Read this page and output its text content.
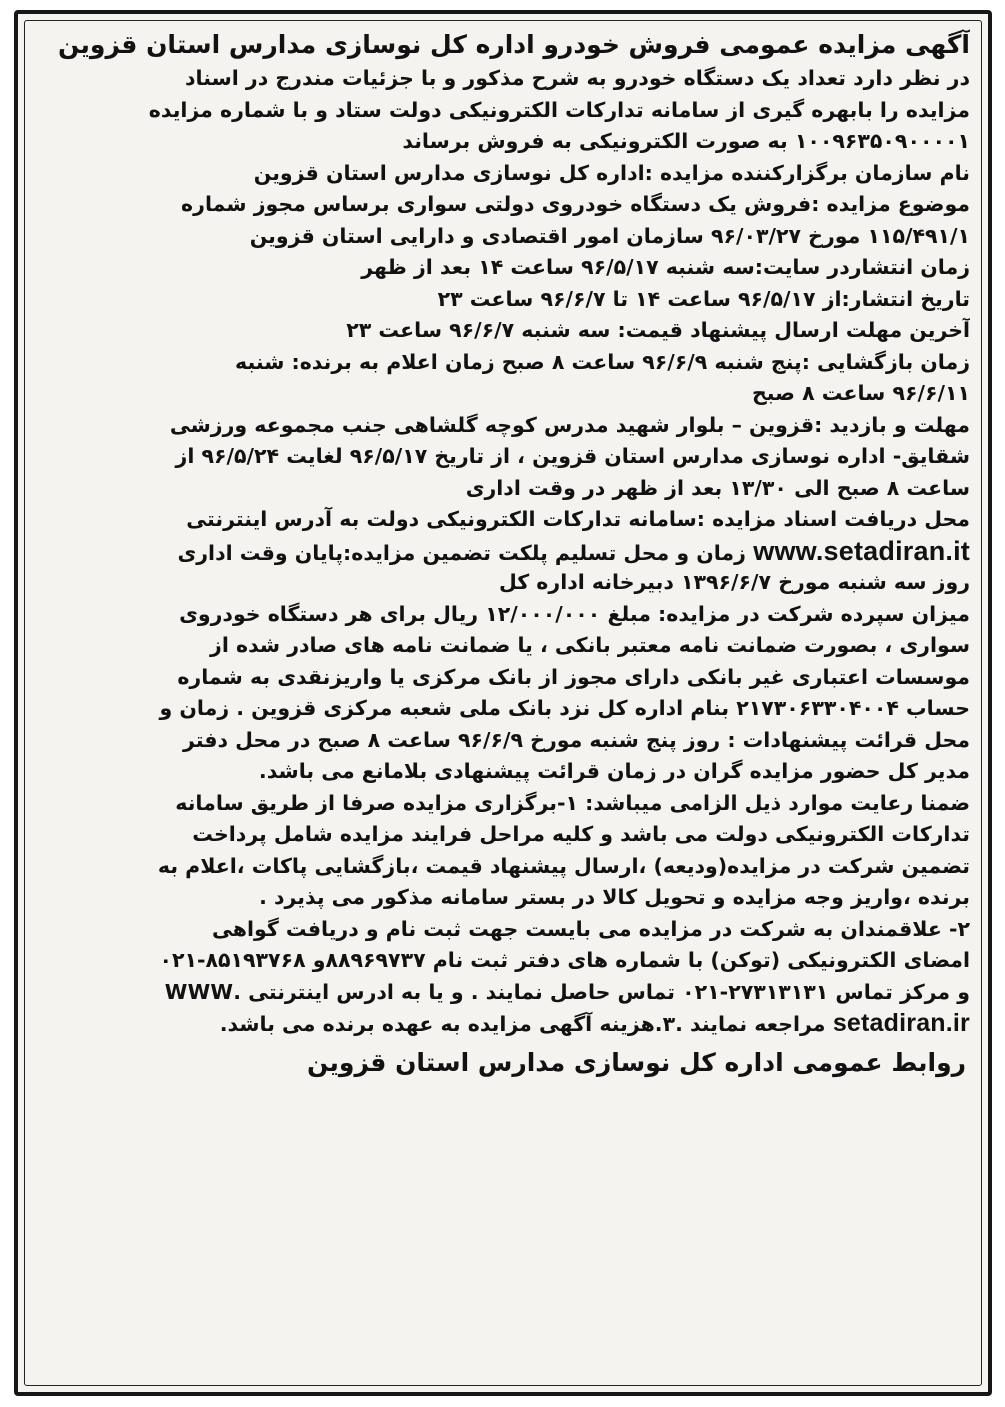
آگهی مزایده عمومی فروش خودرو اداره کل نوسازی مدارس استان قزوین
در نظر دارد تعداد یک دستگاه خودرو به شرح مذکور و با جزئیات مندرج در اسناد
مزایده را بابهره گیری از سامانه تدارکات الکترونیکی دولت ستاد و با شماره مزایده
۱۰۰۹۶۳۵۰۹۰۰۰۰۱ به صورت الکترونیکی به فروش برساند
نام سازمان برگزارکننده مزایده :اداره کل نوسازی مدارس استان قزوین
موضوع مزایده :فروش یک دستگاه خودروی دولتی سواری برساس مجوز شماره
۱۱۵/۴۹۱/۱ مورخ ۹۶/۰۳/۲۷ سازمان امور اقتصادی و دارایی استان قزوین
زمان انتشاردر سایت:سه شنبه ۹۶/۵/۱۷ ساعت ۱۴ بعد از ظهر
تاریخ انتشار:از ۹۶/۵/۱۷ ساعت ۱۴ تا ۹۶/۶/۷ ساعت ۲۳
آخرین مهلت ارسال پیشنهاد قیمت: سه شنبه ۹۶/۶/۷ ساعت ۲۳
زمان بازگشایی :پنج شنبه ۹۶/۶/۹ ساعت ۸ صبح زمان اعلام به برنده: شنبه
۹۶/۶/۱۱ ساعت ۸ صبح
مهلت و بازدید :قزوین – بلوار شهید مدرس کوچه گلشاهی جنب مجموعه ورزشی
شقایق- اداره نوسازی مدارس استان قزوین ، از تاریخ ۹۶/۵/۱۷ لغایت ۹۶/۵/۲۴ از
ساعت ۸ صبح الی ۱۳/۳۰ بعد از ظهر در وقت اداری
محل دریافت اسناد مزایده :سامانه تدارکات الکترونیکی دولت به آدرس اینترنتی
www.setadiran.it زمان و محل تسلیم پلکت تضمین مزایده:پایان وقت اداری
روز سه شنبه مورخ ۱۳۹۶/۶/۷ دبیرخانه اداره کل
میزان سپرده شرکت در مزایده: مبلغ ۱۲/۰۰۰/۰۰۰ ریال برای هر دستگاه خودروی
سواری ، بصورت ضمانت نامه معتبر بانکی ، یا ضمانت نامه های صادر شده از
موسسات اعتباری غیر بانکی دارای مجوز از بانک مرکزی یا واریزنقدی به شماره
حساب ۲۱۷۳۰۶۳۳۰۴۰۰۴ بنام اداره کل نزد بانک ملی شعبه مرکزی قزوین . زمان و
محل قرائت پیشنهادات : روز پنج شنبه مورخ ۹۶/۶/۹ ساعت ۸ صبح در محل دفتر
مدیر کل حضور مزایده گران در زمان قرائت پیشنهادی بلامانع می باشد.
ضمنا رعایت موارد ذیل الزامی میباشد: ۱-برگزاری مزایده صرفا از طریق سامانه
تدارکات الکترونیکی دولت می باشد و کلیه مراحل فرایند مزایده شامل پرداخت
تضمین شرکت در مزایده(ودیعه) ،ارسال پیشنهاد قیمت ،بازگشایی پاکات ،اعلام به
برنده ،واریز وجه مزایده و تحویل کالا در بستر سامانه مذکور می پذیرد .
۲- علاقمندان به شرکت در مزایده می بایست جهت ثبت نام و دریافت گواهی
امضای الکترونیکی (توکن) با شماره های دفتر ثبت نام ۸۸۹۶۹۷۳۷و ۸۵۱۹۳۷۶۸-۰۲۱
و مرکز تماس ۲۷۳۱۳۱۳۱-۰۲۱ تماس حاصل نمایند . و یا به ادرس اینترنتی .WWW
setadiran.ir مراجعه نمایند .۳.هزینه آگهی مزایده به عهده برنده می باشد.
روابط عمومی اداره کل نوسازی مدارس استان قزوین
